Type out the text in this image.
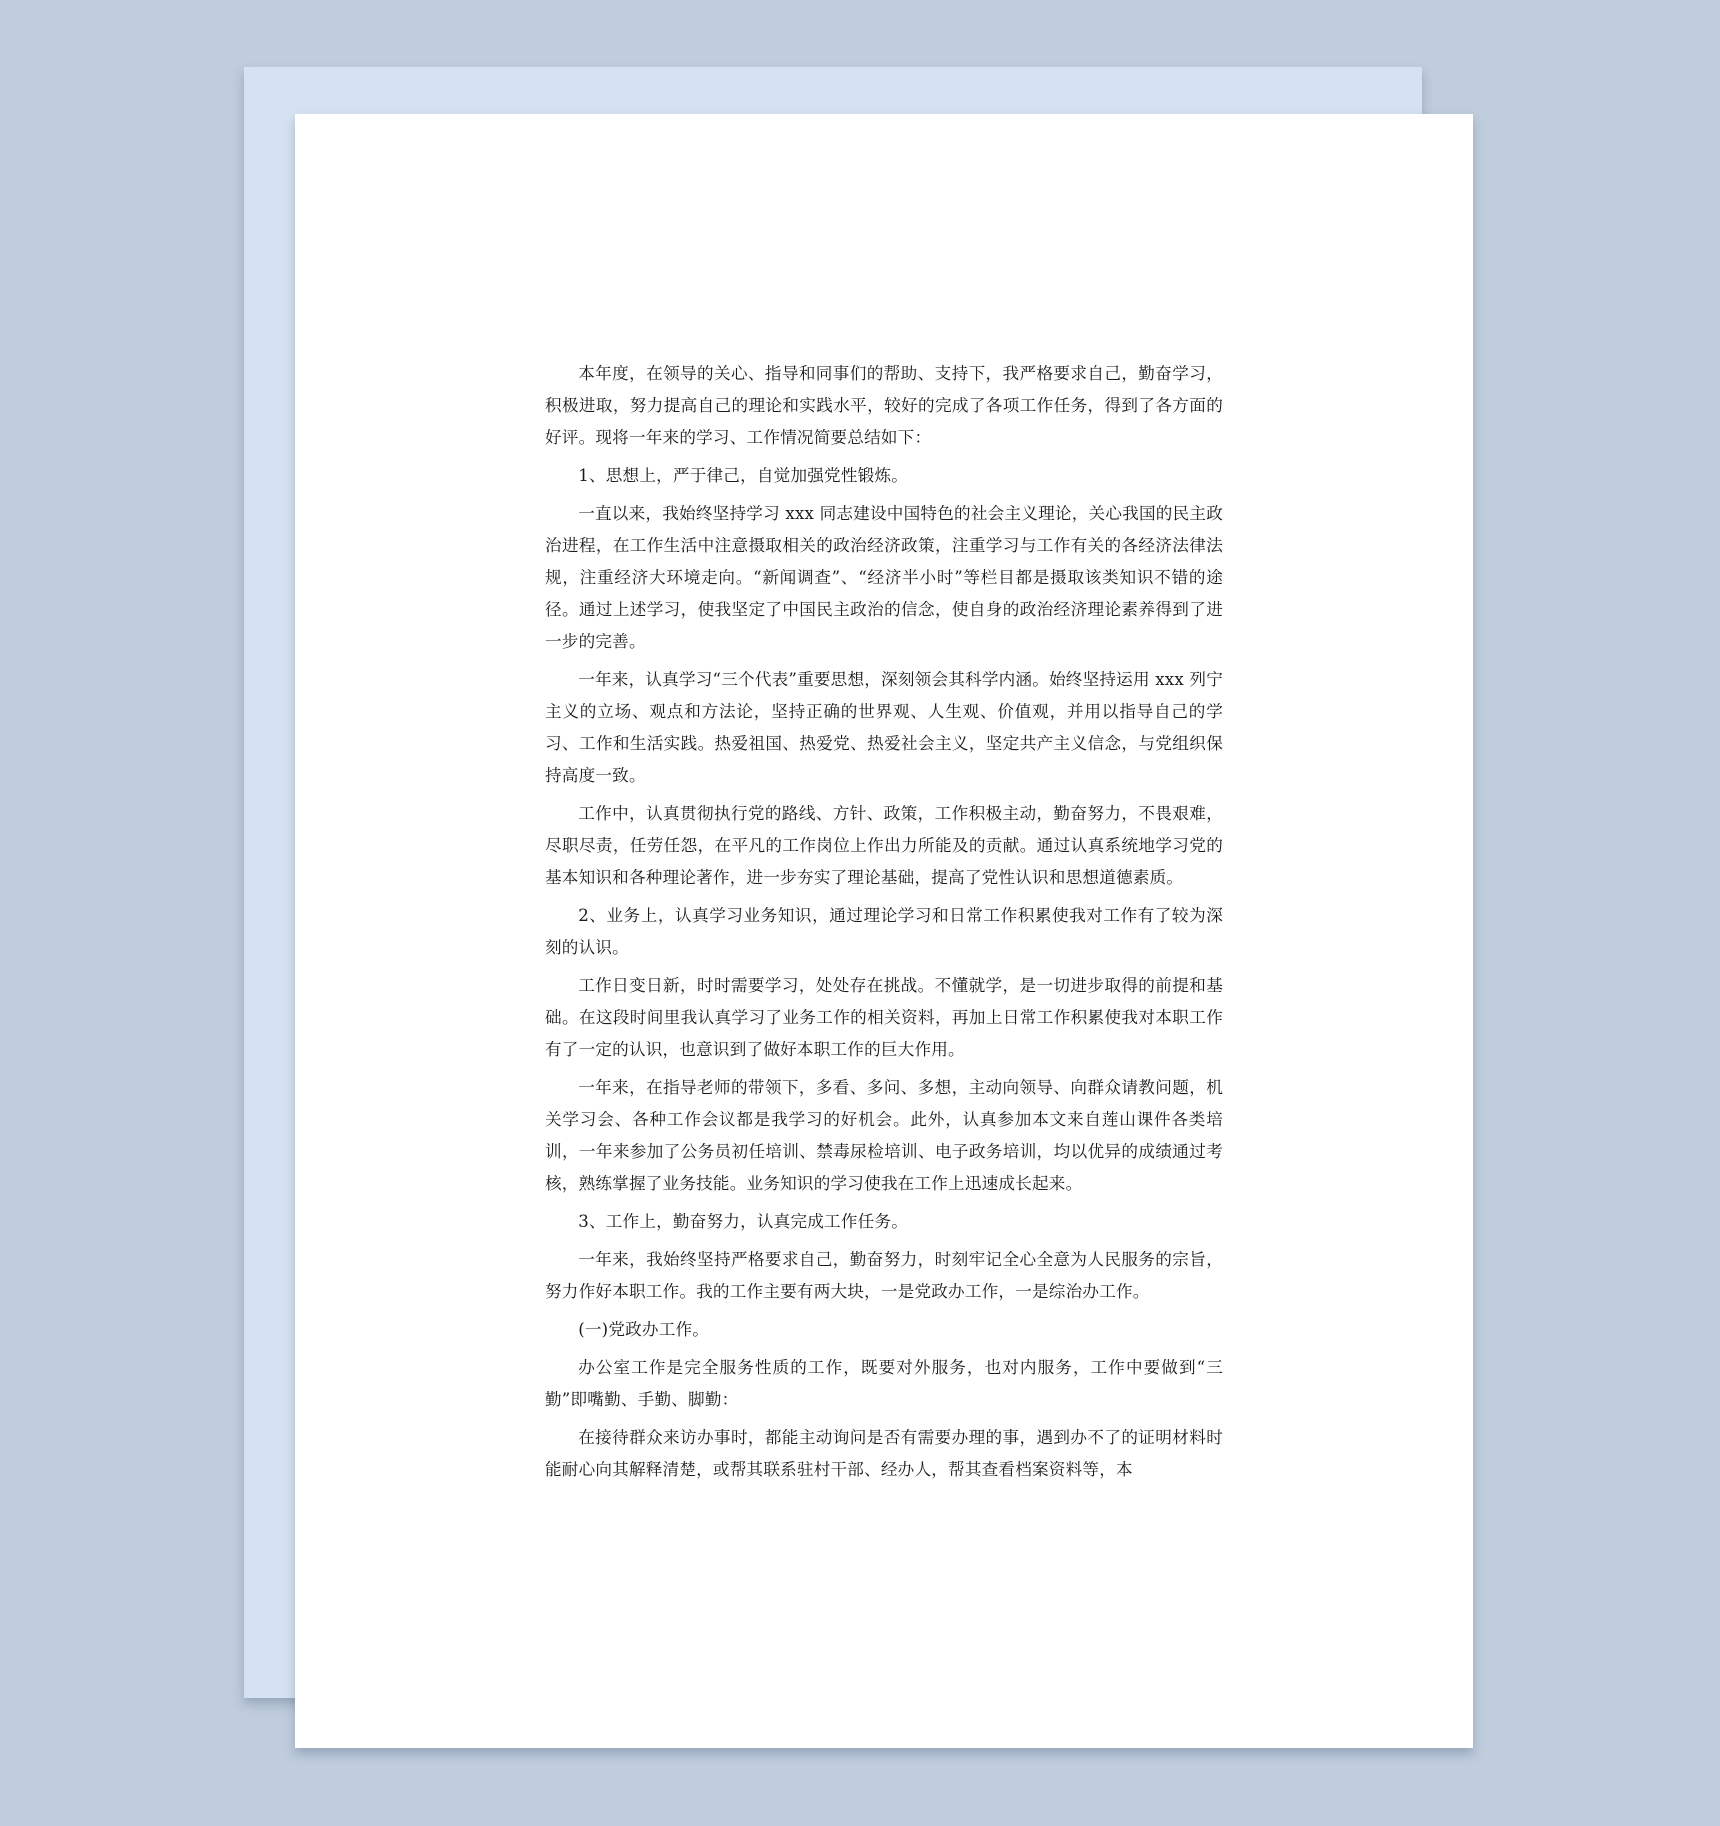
本年度，在领导的关心、指导和同事们的帮助、支持下，我严格要求自己，勤奋学习，积极进取，努力提高自己的理论和实践水平，较好的完成了各项工作任务，得到了各方面的好评。现将一年来的学习、工作情况简要总结如下：

1、思想上，严于律己，自觉加强党性锻炼。

一直以来，我始终坚持学习 xxx 同志建设中国特色的社会主义理论，关心我国的民主政治进程，在工作生活中注意摄取相关的政治经济政策，注重学习与工作有关的各经济法律法规，注重经济大环境走向。“新闻调查”、“经济半小时”等栏目都是摄取该类知识不错的途径。通过上述学习，使我坚定了中国民主政治的信念，使自身的政治经济理论素养得到了进一步的完善。

一年来，认真学习“三个代表”重要思想，深刻领会其科学内涵。始终坚持运用 xxx 列宁主义的立场、观点和方法论，坚持正确的世界观、人生观、价值观，并用以指导自己的学习、工作和生活实践。热爱祖国、热爱党、热爱社会主义，坚定共产主义信念，与党组织保持高度一致。

工作中，认真贯彻执行党的路线、方针、政策，工作积极主动，勤奋努力，不畏艰难，尽职尽责，任劳任怨，在平凡的工作岗位上作出力所能及的贡献。通过认真系统地学习党的基本知识和各种理论著作，进一步夯实了理论基础，提高了党性认识和思想道德素质。

2、业务上，认真学习业务知识，通过理论学习和日常工作积累使我对工作有了较为深刻的认识。

工作日变日新，时时需要学习，处处存在挑战。不懂就学，是一切进步取得的前提和基础。在这段时间里我认真学习了业务工作的相关资料，再加上日常工作积累使我对本职工作有了一定的认识，也意识到了做好本职工作的巨大作用。

一年来，在指导老师的带领下，多看、多问、多想，主动向领导、向群众请教问题，机关学习会、各种工作会议都是我学习的好机会。此外，认真参加本文来自莲山课件各类培训，一年来参加了公务员初任培训、禁毒尿检培训、电子政务培训，均以优异的成绩通过考核，熟练掌握了业务技能。业务知识的学习使我在工作上迅速成长起来。

3、工作上，勤奋努力，认真完成工作任务。

一年来，我始终坚持严格要求自己，勤奋努力，时刻牢记全心全意为人民服务的宗旨，努力作好本职工作。我的工作主要有两大块，一是党政办工作，一是综治办工作。

(一)党政办工作。

办公室工作是完全服务性质的工作，既要对外服务，也对内服务，工作中要做到“三勤”即嘴勤、手勤、脚勤：

在接待群众来访办事时，都能主动询问是否有需要办理的事，遇到办不了的证明材料时能耐心向其解释清楚，或帮其联系驻村干部、经办人，帮其查看档案资料等，本
